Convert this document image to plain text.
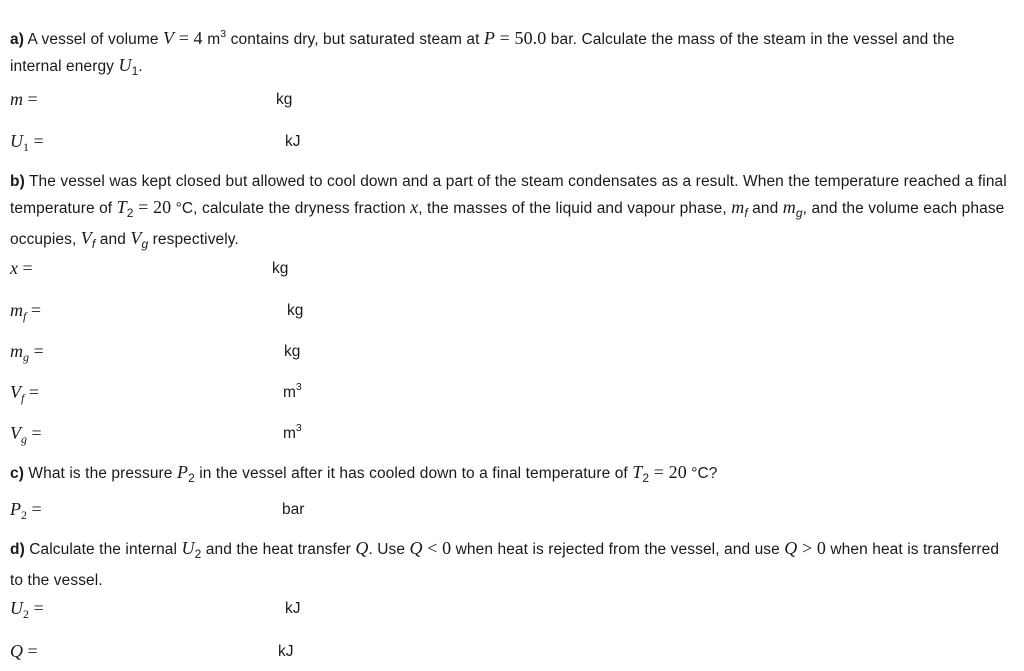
a) A vessel of volume V = 4 $m^3$ contains dry, but saturated steam at P = 50.0 bar. Calculate the mass of the steam in the vessel and the internal energy $U_1$.
m =	kg
$U_1$ =	kJ
b) The vessel was kept closed but allowed to cool down and a part of the steam condensates as a result. When the temperature reached a final temperature of $T_2 = 20$ °C, calculate the dryness fraction x, the masses of the liquid and vapour phase, $m_f$ and $m_g$, and the volume each phase occupies, $V_f$ and $V_g$ respectively.
x =	kg
$m_f$ =	kg
$m_g$ =	kg
$V_f$ =	$m^3$
$V_g$ =	$m^3$
c) What is the pressure $P_2$ in the vessel after it has cooled down to a final temperature of $T_2 = 20$ °C?
$P_2$ =	bar
d) Calculate the internal $U_2$ and the heat transfer Q. Use Q < 0 when heat is rejected from the vessel, and use Q > 0 when heat is transferred to the vessel.
$U_2$ =	kJ
Q =	kJ
